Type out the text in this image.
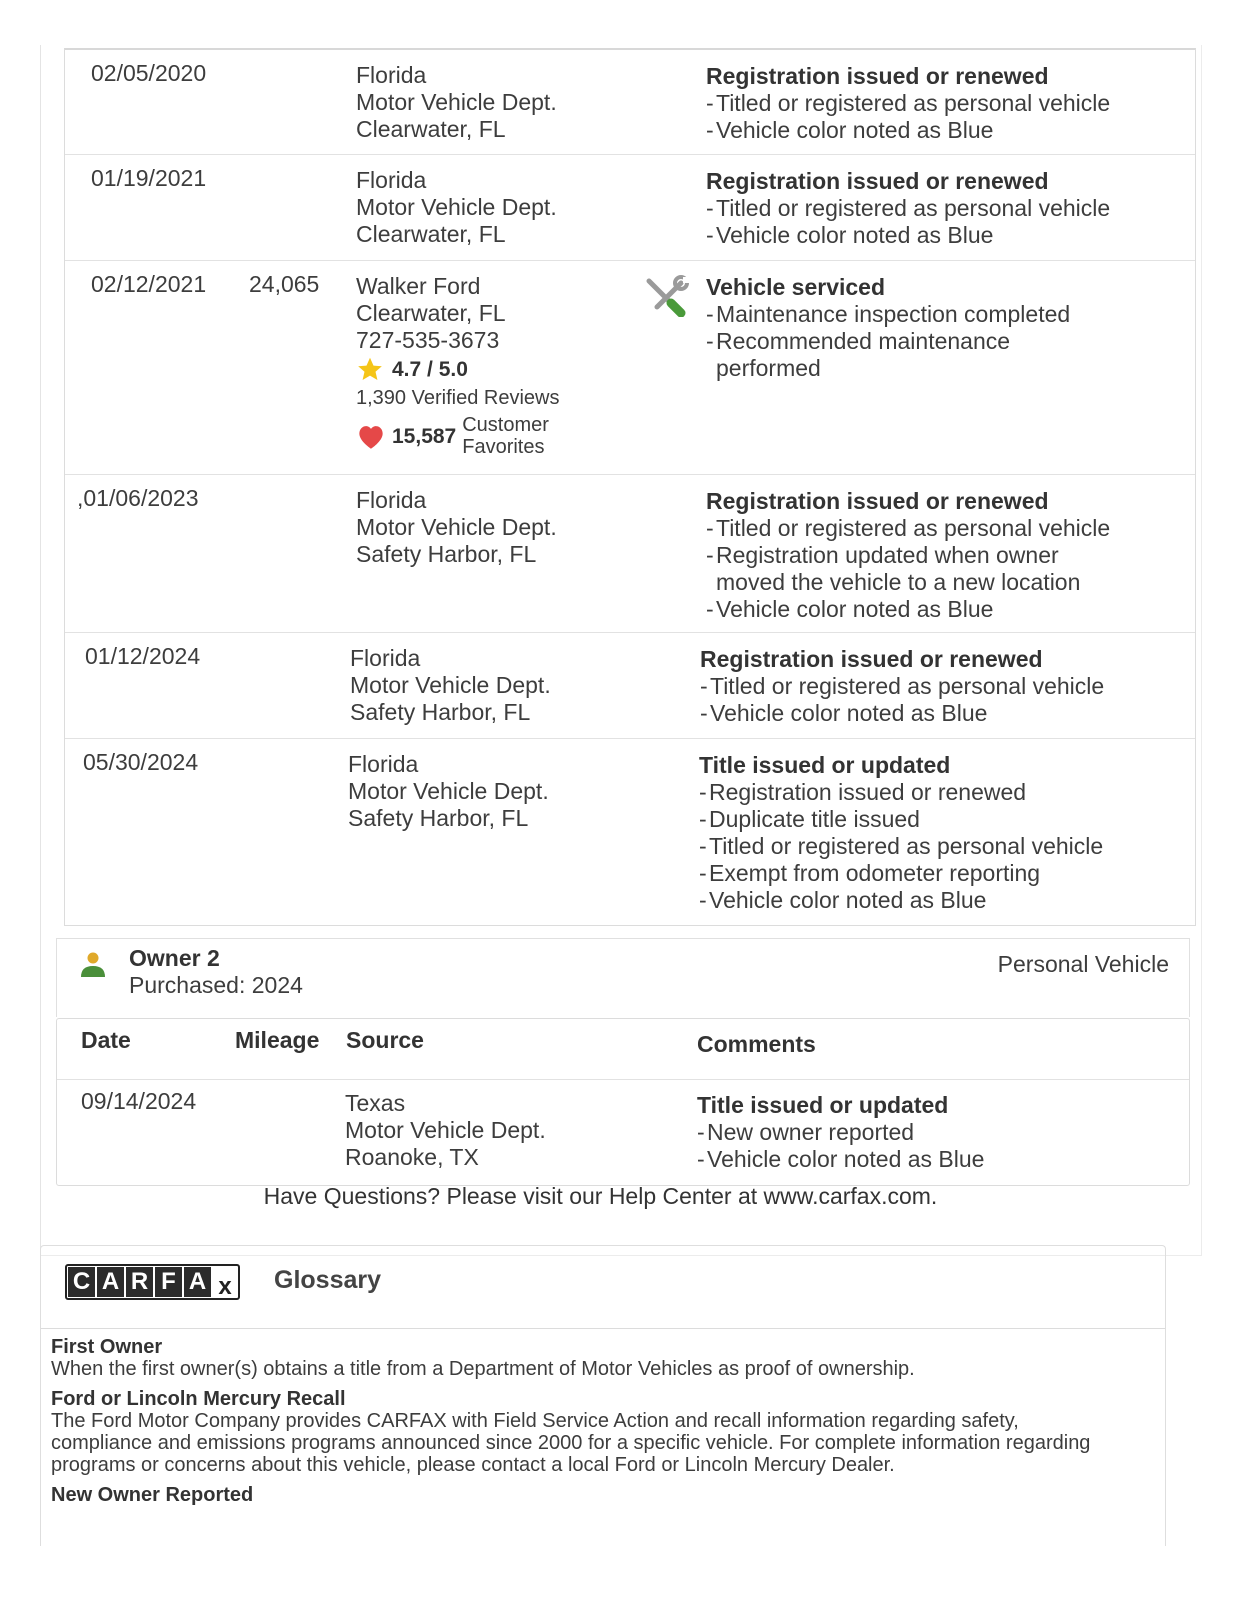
02/05/2020	Florida
Motor Vehicle Dept.
Clearwater, FL
Registration issued or renewed
- Titled or registered as personal vehicle
- Vehicle color noted as Blue
01/19/2021	Florida
Motor Vehicle Dept.
Clearwater, FL
Registration issued or renewed
- Titled or registered as personal vehicle
- Vehicle color noted as Blue
02/12/2021 24,065 Walker Ford
Clearwater, FL
727-535-3673
4.7 / 5.0
1,390 Verified Reviews
15,587 Customer
Favorites
Vehicle serviced
- Maintenance inspection completed
- Recommended maintenance
performed
,01/06/2023	Florida
Motor Vehicle Dept.
Safety Harbor, FL
Registration issued or renewed
- Titled or registered as personal vehicle
- Registration updated when owner
moved the vehicle to a new location
- Vehicle color noted as Blue
01/12/2024	Florida
Motor Vehicle Dept.
Safety Harbor, FL
Registration issued or renewed
- Titled or registered as personal vehicle
- Vehicle color noted as Blue
05/30/2024	Florida
Motor Vehicle Dept.
Safety Harbor, FL
Title issued or updated
- Registration issued or renewed
- Duplicate title issued
- Titled or registered as personal vehicle
- Exempt from odometer reporting
- Vehicle color noted as Blue
Owner 2
Purchased: 2024
Personal Vehicle
Date	Mileage Source	Comments
09/14/2024	Texas
Motor Vehicle Dept.
Roanoke, TX
Title issued or updated
- New owner reported
- Vehicle color noted as Blue
Have Questions? Please visit our Help Center at www.carfax.com.
C A R F A x Glossary
First Owner
When the first owner(s) obtains a title from a Department of Motor Vehicles as proof of ownership.
Ford or Lincoln Mercury Recall
The Ford Motor Company provides CARFAX with Field Service Action and recall information regarding safety, compliance and emissions programs announced since 2000 for a specific vehicle. For complete information regarding programs or concerns about this vehicle, please contact a local Ford or Lincoln Mercury Dealer.
New Owner Reported
